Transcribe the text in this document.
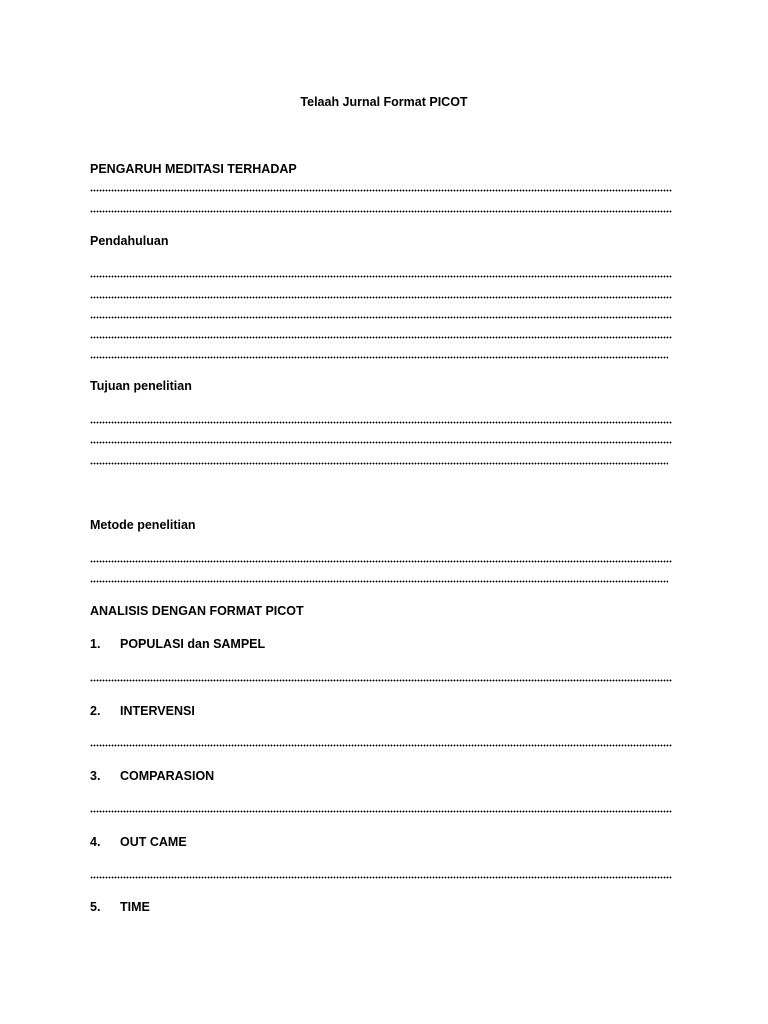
Telaah Jurnal Format PICOT
PENGARUH MEDITASI TERHADAP
Pendahuluan
Tujuan penelitian
Metode penelitian
ANALISIS DENGAN FORMAT PICOT
1. POPULASI dan SAMPEL
2. INTERVENSI
3. COMPARASION
4. OUT CAME
5. TIME
